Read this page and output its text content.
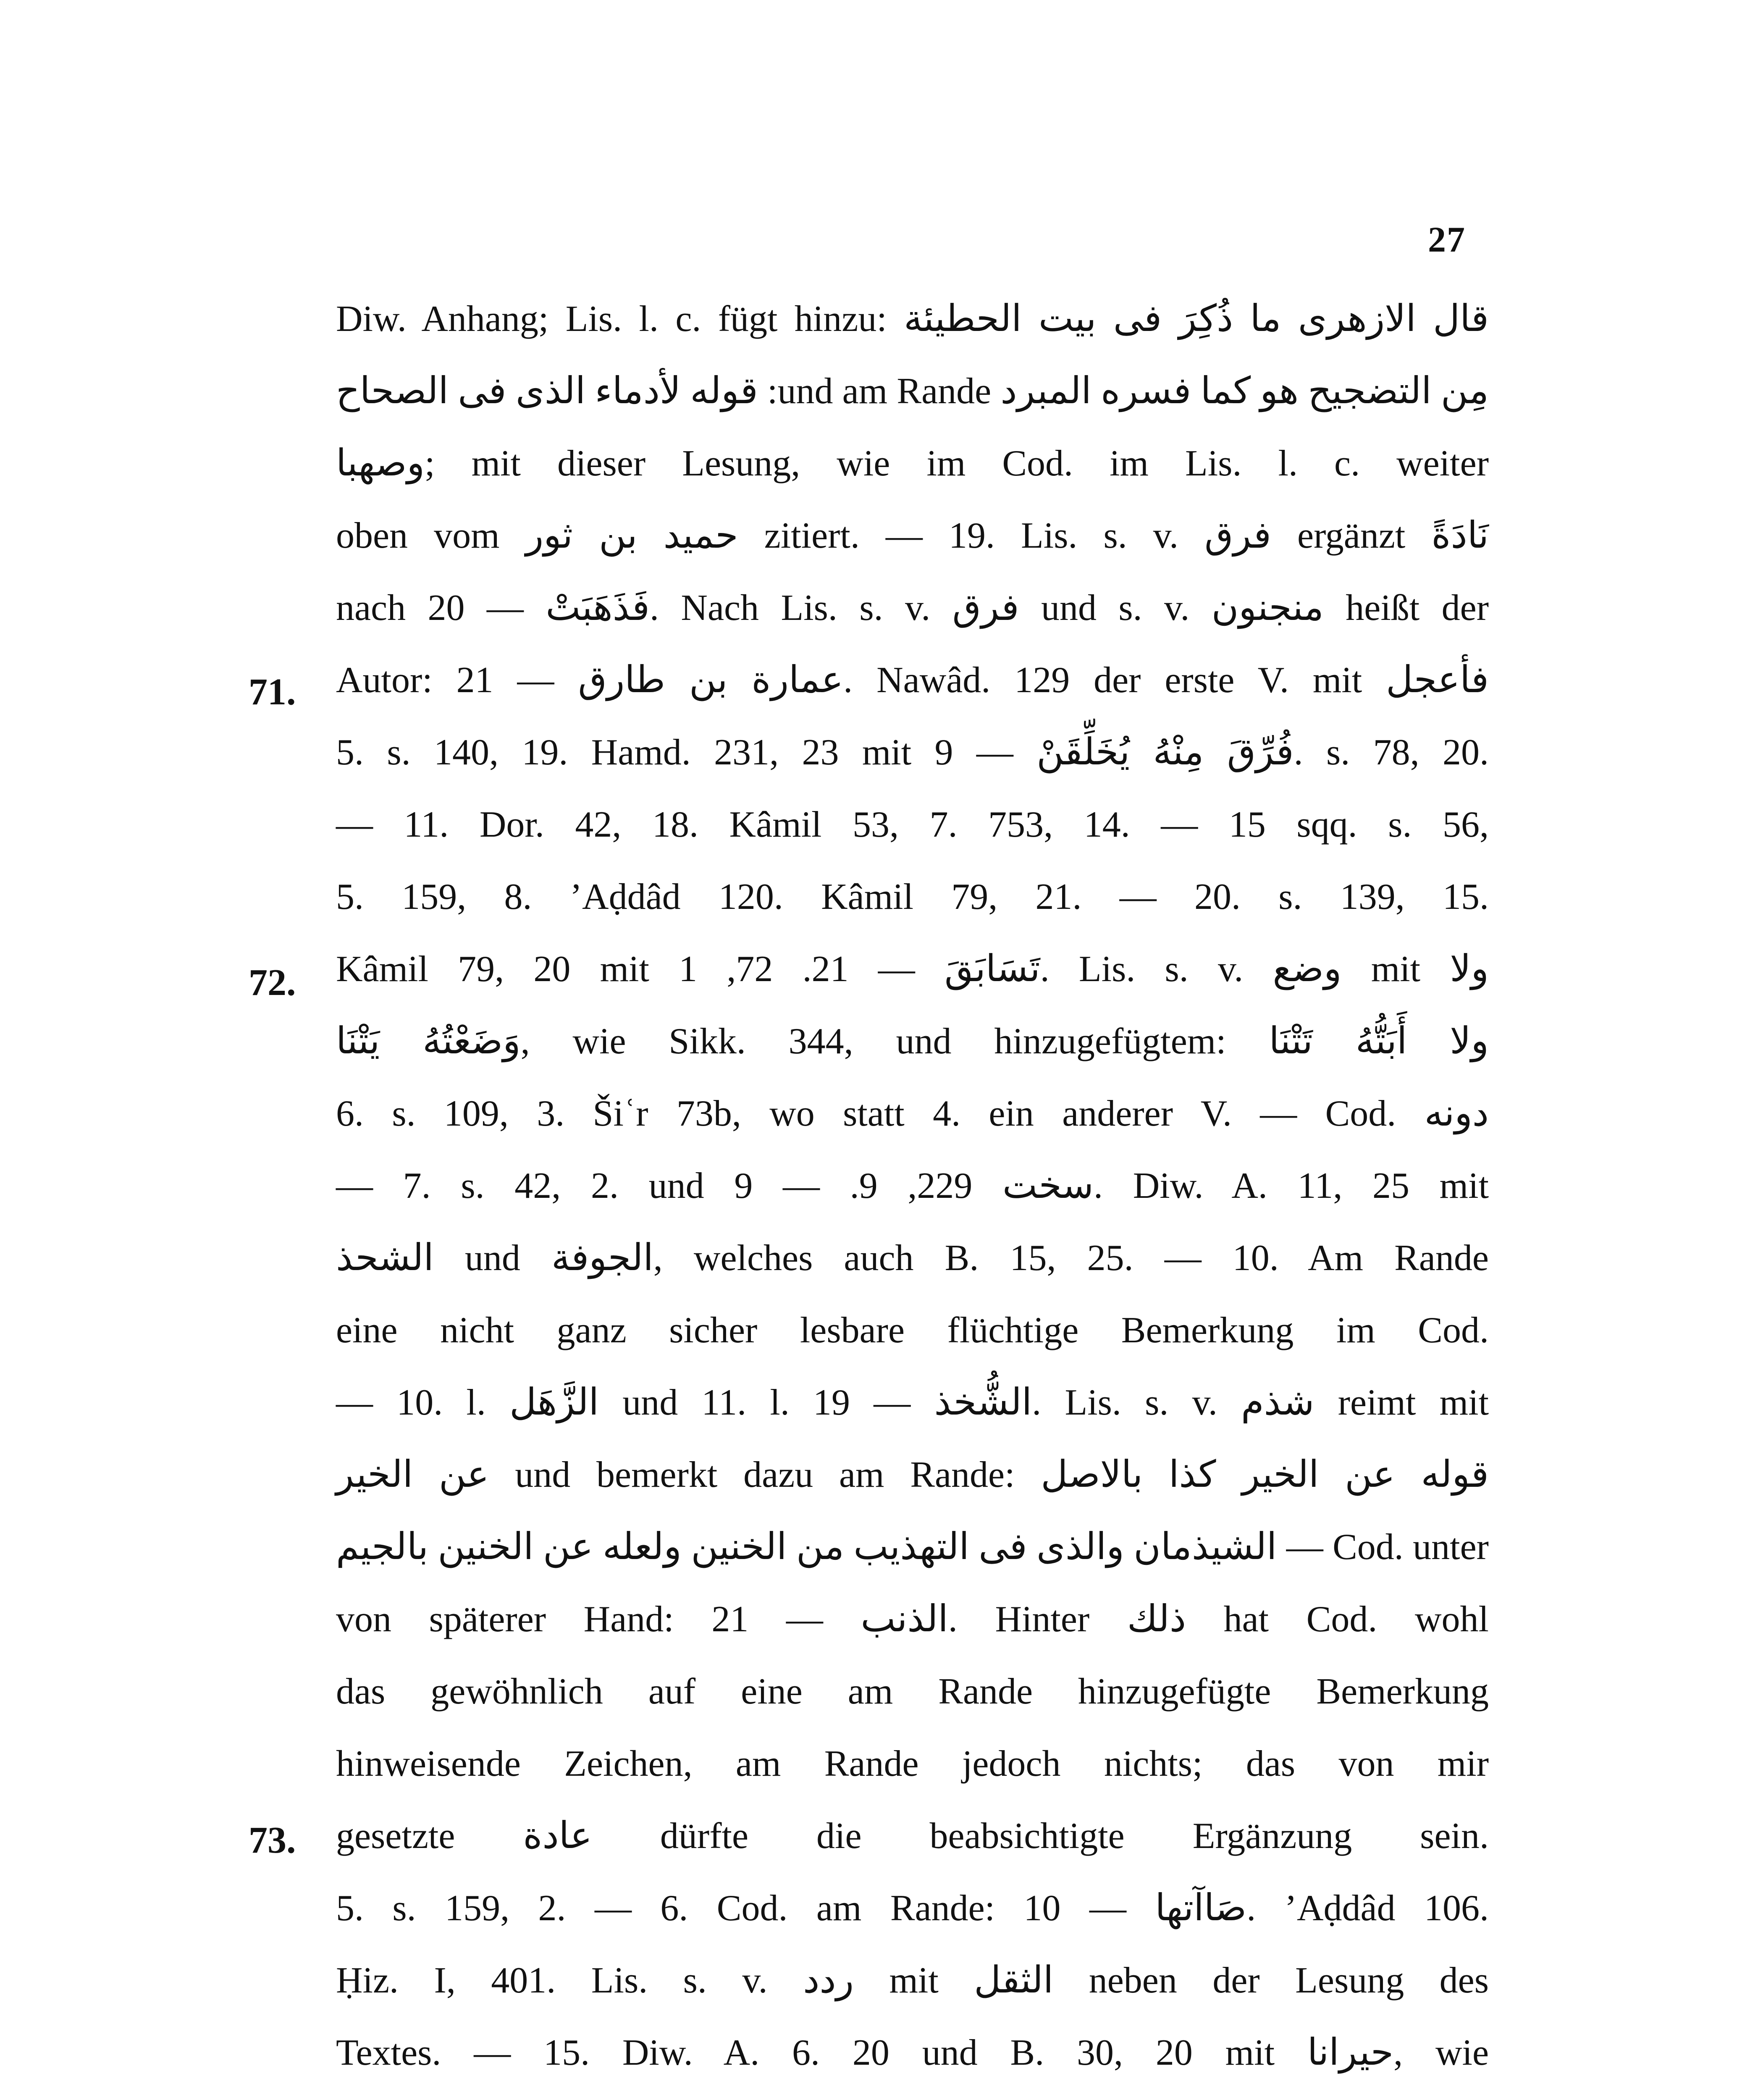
27
71.
72.
73.
Diw. Anhang; Lis. l. c. fügt hinzu: قال الازهرى ما ذُكِرَ فى بيت الحطيئة
قوله لأدماء الذى فى الصحاح :und am Rande مِن التضجيح هو كما فسره المبرد
وصهبا; mit dieser Lesung, wie im Cod. im Lis. l. c. weiter
oben vom حميد بن ثور zitiert. — 19. Lis. s. v. فرق ergänzt نَادَةً
nach فَذَهَبَتْ — 20. Nach Lis. s. v. فرق und s. v. منجنون heißt der
Autor: عمارة بن طارق — 21. Nawâd. 129 der erste V. mit فأعجل
5. s. 140, 19. Hamd. 231, 23 mit فُرِّقَ مِنْهُ يُخَلِّقَنْ — 9. s. 78, 20.
— 11. Dor. 42, 18. Kâmil 53, 7. 753, 14. — 15 sqq. s. 56,
5. 159, 8. ʼAḍdâd 120. Kâmil 79, 21. — 20. s. 139, 15.
Kâmil 79, 20 mit تَسَابَقَ — 21. 72, 1. Lis. s. v. وضع mit ولا
وَضَعْتُهُ يَتْنَا, wie Sikk. 344, und hinzugefügtem: ولا أَبَتُّهُ تَتْنَا
6. s. 109, 3. Šiʿr 73b, wo statt 4. ein anderer V. — Cod. دونه
— 7. s. 42, 2. und سخت 229, 9. — 9. Diw. A. 11, 25 mit
الشحذ und الجوفة, welches auch B. 15, 25. — 10. Am Rande
eine nicht ganz sicher lesbare flüchtige Bemerkung im Cod.
— 10. l. الزَّهَل und 11. l. الشُّخذ — 19. Lis. s. v. شذم reimt mit
عن الخير und bemerkt dazu am Rande: قوله عن الخير كذا بالاصل
الشيذمان والذى فى التهذيب من الخنين ولعله عن الخنين بالجيم — Cod. unter
von späterer Hand: الذنب — 21. Hinter ذلك hat Cod. wohl
das gewöhnlich auf eine am Rande hinzugefügte Bemerkung
hinweisende Zeichen, am Rande jedoch nichts; das von mir
gesetzte عادة dürfte die beabsichtigte Ergänzung sein.
5. s. 159, 2. — 6. Cod. am Rande: صَاآتها — 10. ʼAḍdâd 106.
Ḥiz. I, 401. Lis. s. v. ردد mit الثقل neben der Lesung des
Textes. — 15. Diw. A. 6. 20 und B. 30, 20 mit حيرانا, wie
